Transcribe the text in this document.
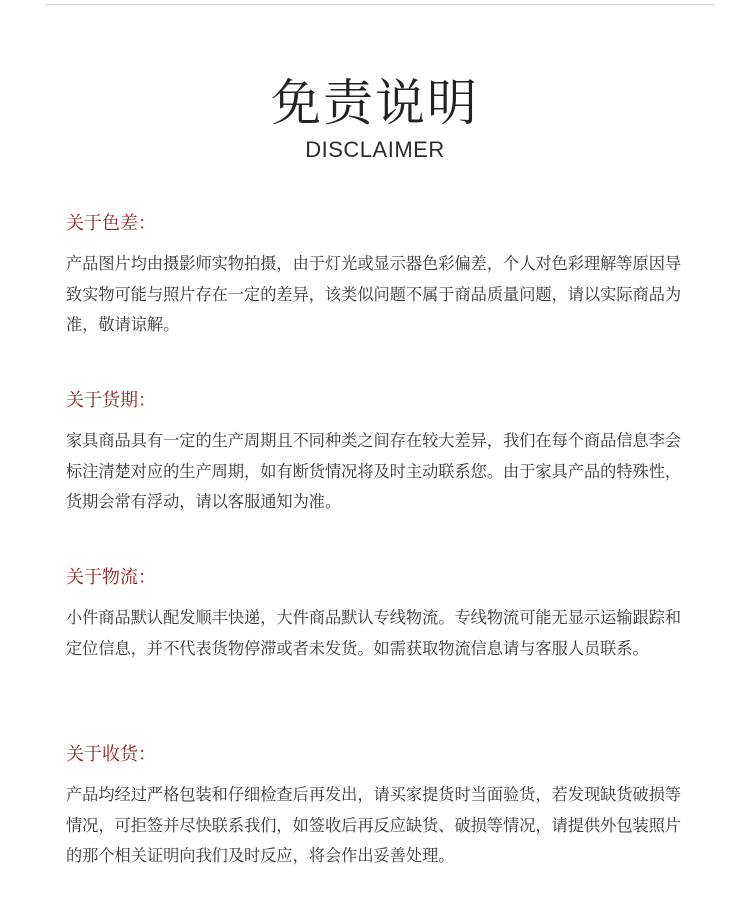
免责说明
DISCLAIMER
关于色差：
产品图片均由摄影师实物拍摄，由于灯光或显示器色彩偏差，个人对色彩理解等原因导致实物可能与照片存在一定的差异，该类似问题不属于商品质量问题，请以实际商品为准，敬请谅解。
关于货期：
家具商品具有一定的生产周期且不同种类之间存在较大差异，我们在每个商品信息李会标注清楚对应的生产周期，如有断货情况将及时主动联系您。由于家具产品的特殊性，货期会常有浮动，请以客服通知为准。
关于物流：
小件商品默认配发顺丰快递，大件商品默认专线物流。专线物流可能无显示运输跟踪和定位信息，并不代表货物停滞或者未发货。如需获取物流信息请与客服人员联系。
关于收货：
产品均经过严格包装和仔细检查后再发出，请买家提货时当面验货，若发现缺货破损等情况，可拒签并尽快联系我们，如签收后再反应缺货、破损等情况，请提供外包装照片的那个相关证明向我们及时反应，将会作出妥善处理。
